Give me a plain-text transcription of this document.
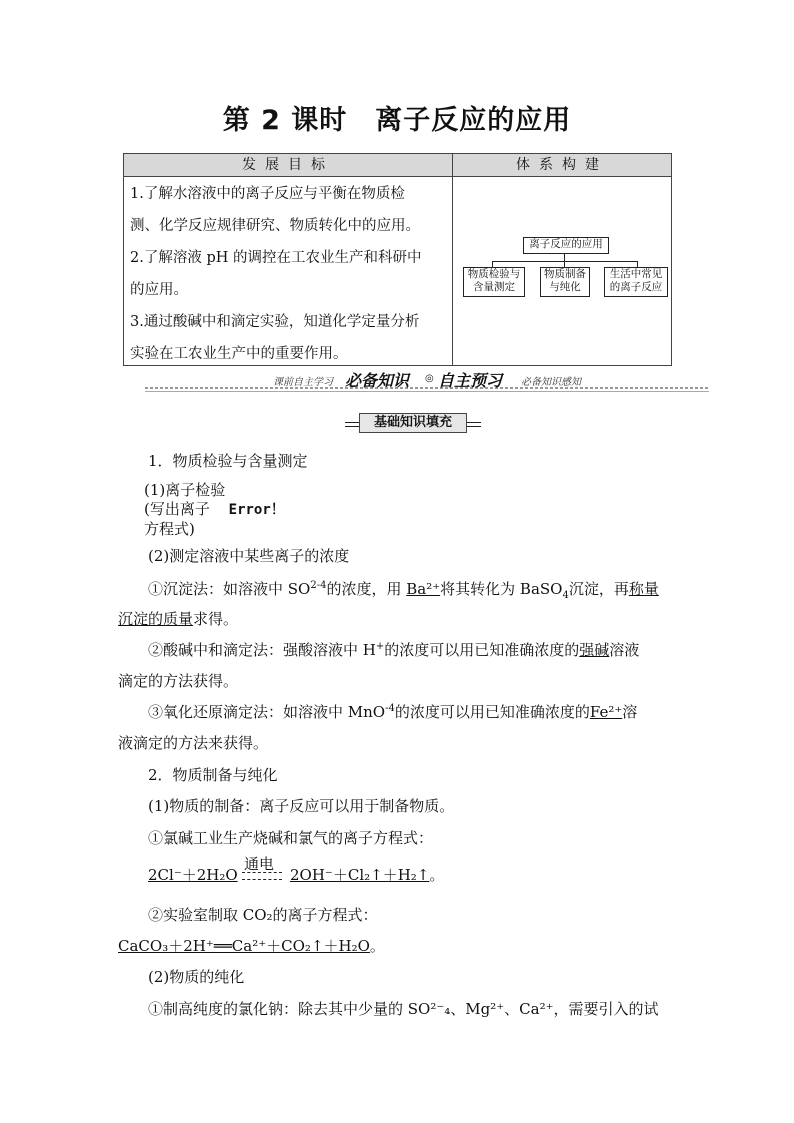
第 2 课时　离子反应的应用
发展目标	体系构建
1.了解水溶液中的离子反应与平衡在物质检
测、化学反应规律研究、物质转化中的应用。
2.了解溶液 pH 的调控在工农业生产和科研中
的应用。
3.通过酸碱中和滴定实验，知道化学定量分析
实验在工农业生产中的重要作用。
离子反应的应用
物质检验与
含量测定
物质制备
与纯化
生活中常见
的离子反应
课前自主学习 必备知识 ◎ 自主预习 必备知识感知
基础知识填充
1．物质检验与含量测定
(1)离子检验
(写出离子 Error！
方程式)
(2)测定溶液中某些离子的浓度
①沉淀法：如溶液中 SO$^{2-4}$的浓度，用 Ba²⁺将其转化为 BaSO$_4$沉淀，再称量
沉淀的质量求得。
②酸碱中和滴定法：强酸溶液中 H+的浓度可以用已知准确浓度的强碱溶液
滴定的方法获得。
③氧化还原滴定法：如溶液中 MnO$^{-4}$的浓度可以用已知准确浓度的Fe²⁺溶
液滴定的方法来获得。
2．物质制备与纯化
(1)物质的制备：离子反应可以用于制备物质。
①氯碱工业生产烧碱和氯气的离子方程式：
2Cl⁻＋2H₂O
通电
2OH⁻＋Cl₂↑＋H₂↑。
②实验室制取 CO₂的离子方程式：
CaCO₃＋2H⁺══Ca²⁺＋CO₂↑＋H₂O。
(2)物质的纯化
①制高纯度的氯化钠：除去其中少量的 SO²⁻₄、Mg²⁺、Ca²⁺，需要引入的试
